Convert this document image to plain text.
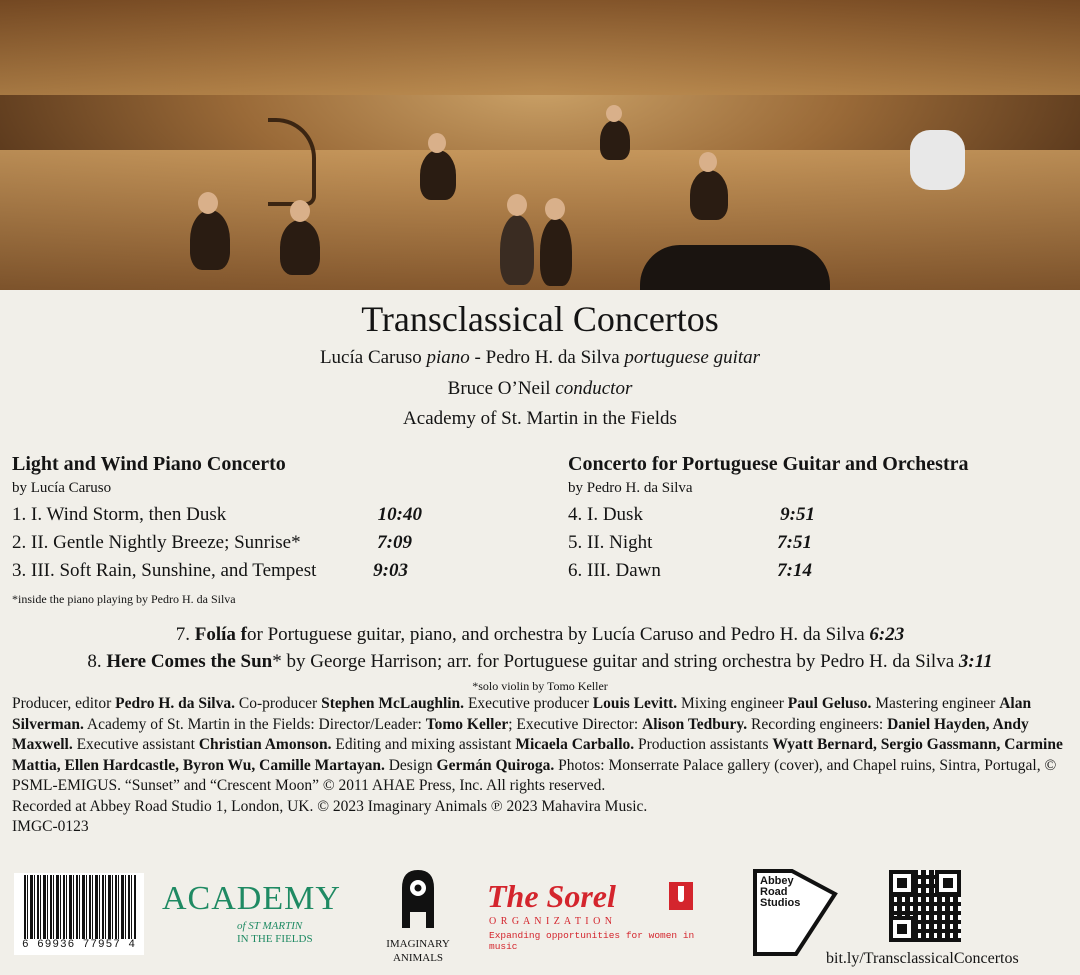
Transclassical Concertos
Lucía Caruso piano - Pedro H. da Silva portuguese guitar
Bruce O’Neil conductor
Academy of St. Martin in the Fields
Light and Wind Piano Concerto
by Lucía Caruso
1. I. Wind Storm, then Dusk	10:40
2. II. Gentle Nightly Breeze; Sunrise*	7:09
3. III. Soft Rain, Sunshine, and Tempest	9:03
*inside the piano playing by Pedro H. da Silva
Concerto for Portuguese Guitar and Orchestra
by Pedro H. da Silva
4. I. Dusk	9:51
5. II. Night	7:51
6. III. Dawn	7:14
7. Folía for Portuguese guitar, piano, and orchestra by Lucía Caruso and Pedro H. da Silva 6:23
8. Here Comes the Sun* by George Harrison; arr. for Portuguese guitar and string orchestra by Pedro H. da Silva 3:11
*solo violin by Tomo Keller
Producer, editor Pedro H. da Silva. Co-producer Stephen McLaughlin. Executive producer Louis Levitt. Mixing engineer Paul Geluso. Mastering engineer Alan Silverman. Academy of St. Martin in the Fields: Director/Leader: Tomo Keller; Executive Director: Alison Tedbury. Recording engineers: Daniel Hayden, Andy Maxwell. Executive assistant Christian Amonson. Editing and mixing assistant Micaela Carballo. Production assistants Wyatt Bernard, Sergio Gassmann, Carmine Mattia, Ellen Hardcastle, Byron Wu, Camille Martayan. Design Germán Quiroga. Photos: Monserrate Palace gallery (cover), and Chapel ruins, Sintra, Portugal, © PSML-EMIGUS. “Sunset” and “Crescent Moon” © 2011 AHAE Press, Inc. All rights reserved.
Recorded at Abbey Road Studio 1, London, UK. © 2023 Imaginary Animals ℗ 2023 Mahavira Music.
IMGC-0123
6 69936 77957 4
ACADEMY
of ST MARTIN
IN THE FIELDS	IMAGINARY
ANIMALS
The Sorel
O R G A N I Z A T I O N
Expanding opportunities for women in music
Abbey
Road
Studios
bit.ly/TransclassicalConcertos
